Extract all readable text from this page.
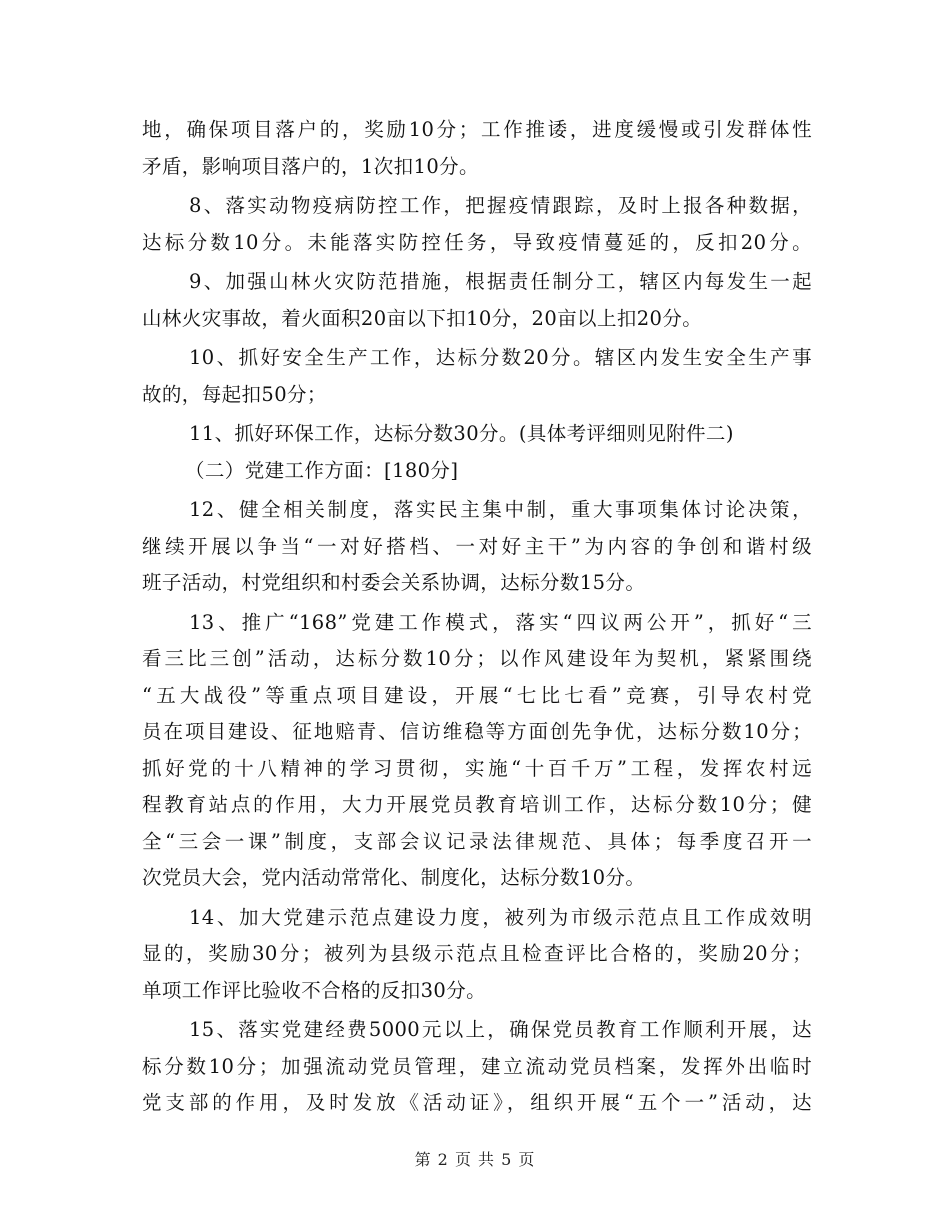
地，确保项目落户的，奖励10分；工作推诿，进度缓慢或引发群体性
矛盾，影响项目落户的，1次扣10分。
8、落实动物疫病防控工作，把握疫情跟踪，及时上报各种数据，
达标分数10分。未能落实防控任务，导致疫情蔓延的，反扣20分。
9、加强山林火灾防范措施，根据责任制分工，辖区内每发生一起
山林火灾事故，着火面积20亩以下扣10分，20亩以上扣20分。
10、抓好安全生产工作，达标分数20分。辖区内发生安全生产事
故的，每起扣50分；
11、抓好环保工作，达标分数30分。(具体考评细则见附件二)
（二）党建工作方面：[180分]
12、健全相关制度，落实民主集中制，重大事项集体讨论决策，
继续开展以争当“一对好搭档、一对好主干”为内容的争创和谐村级
班子活动，村党组织和村委会关系协调，达标分数15分。
13、推广“168”党建工作模式，落实“四议两公开”，抓好“三
看三比三创”活动，达标分数10分；以作风建设年为契机，紧紧围绕
“五大战役”等重点项目建设，开展“七比七看”竞赛，引导农村党
员在项目建设、征地赔青、信访维稳等方面创先争优，达标分数10分；
抓好党的十八精神的学习贯彻，实施“十百千万”工程，发挥农村远
程教育站点的作用，大力开展党员教育培训工作，达标分数10分；健
全“三会一课”制度，支部会议记录法律规范、具体；每季度召开一
次党员大会，党内活动常常化、制度化，达标分数10分。
14、加大党建示范点建设力度，被列为市级示范点且工作成效明
显的，奖励30分；被列为县级示范点且检查评比合格的，奖励20分；
单项工作评比验收不合格的反扣30分。
15、落实党建经费5000元以上，确保党员教育工作顺利开展，达
标分数10分；加强流动党员管理，建立流动党员档案，发挥外出临时
党支部的作用，及时发放《活动证》，组织开展“五个一”活动，达
第 2 页 共 5 页
